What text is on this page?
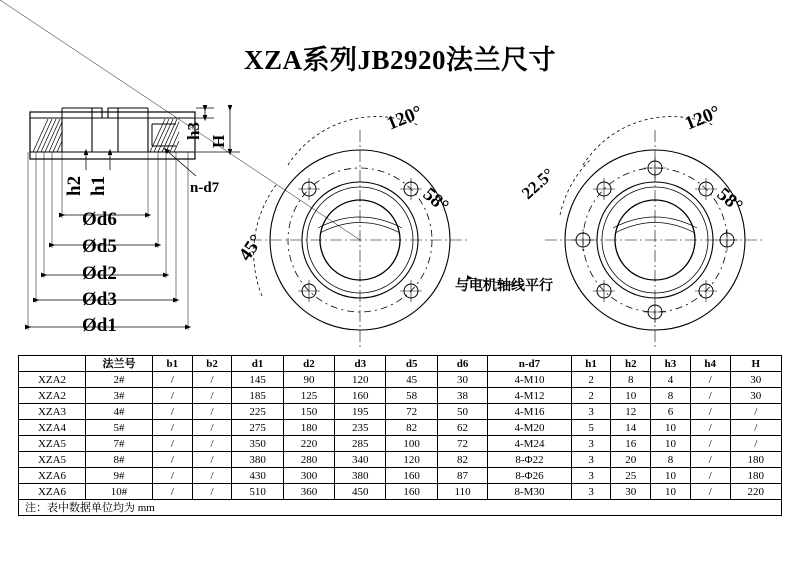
XZA系列JB2920法兰尺寸
h3
H
h2 h1	n-d7
Ød6
Ød5
Ød2
Ød3
Ød1
120°
58°
45°
120°
58°
22.5°
与电机轴线平行
	法兰号	b1	b2	d1	d2	d3	d5	d6	n-d7	h1	h2	h3	h4	H
XZA2	2#	/	/	145	90	120	45	30	4-M10	2	8	4	/	30
XZA2	3#	/	/	185	125	160	58	38	4-M12	2	10	8	/	30
XZA3	4#	/	/	225	150	195	72	50	4-M16	3	12	6	/	/
XZA4	5#	/	/	275	180	235	82	62	4-M20	5	14	10	/	/
XZA5	7#	/	/	350	220	285	100	72	4-M24	3	16	10	/	/
XZA5	8#	/	/	380	280	340	120	82	8-Φ22	3	20	8	/	180
XZA6	9#	/	/	430	300	380	160	87	8-Φ26	3	25	10	/	180
XZA6	10#	/	/	510	360	450	160	110	8-M30	3	30	10	/	220
注：表中数据单位均为 mm														
